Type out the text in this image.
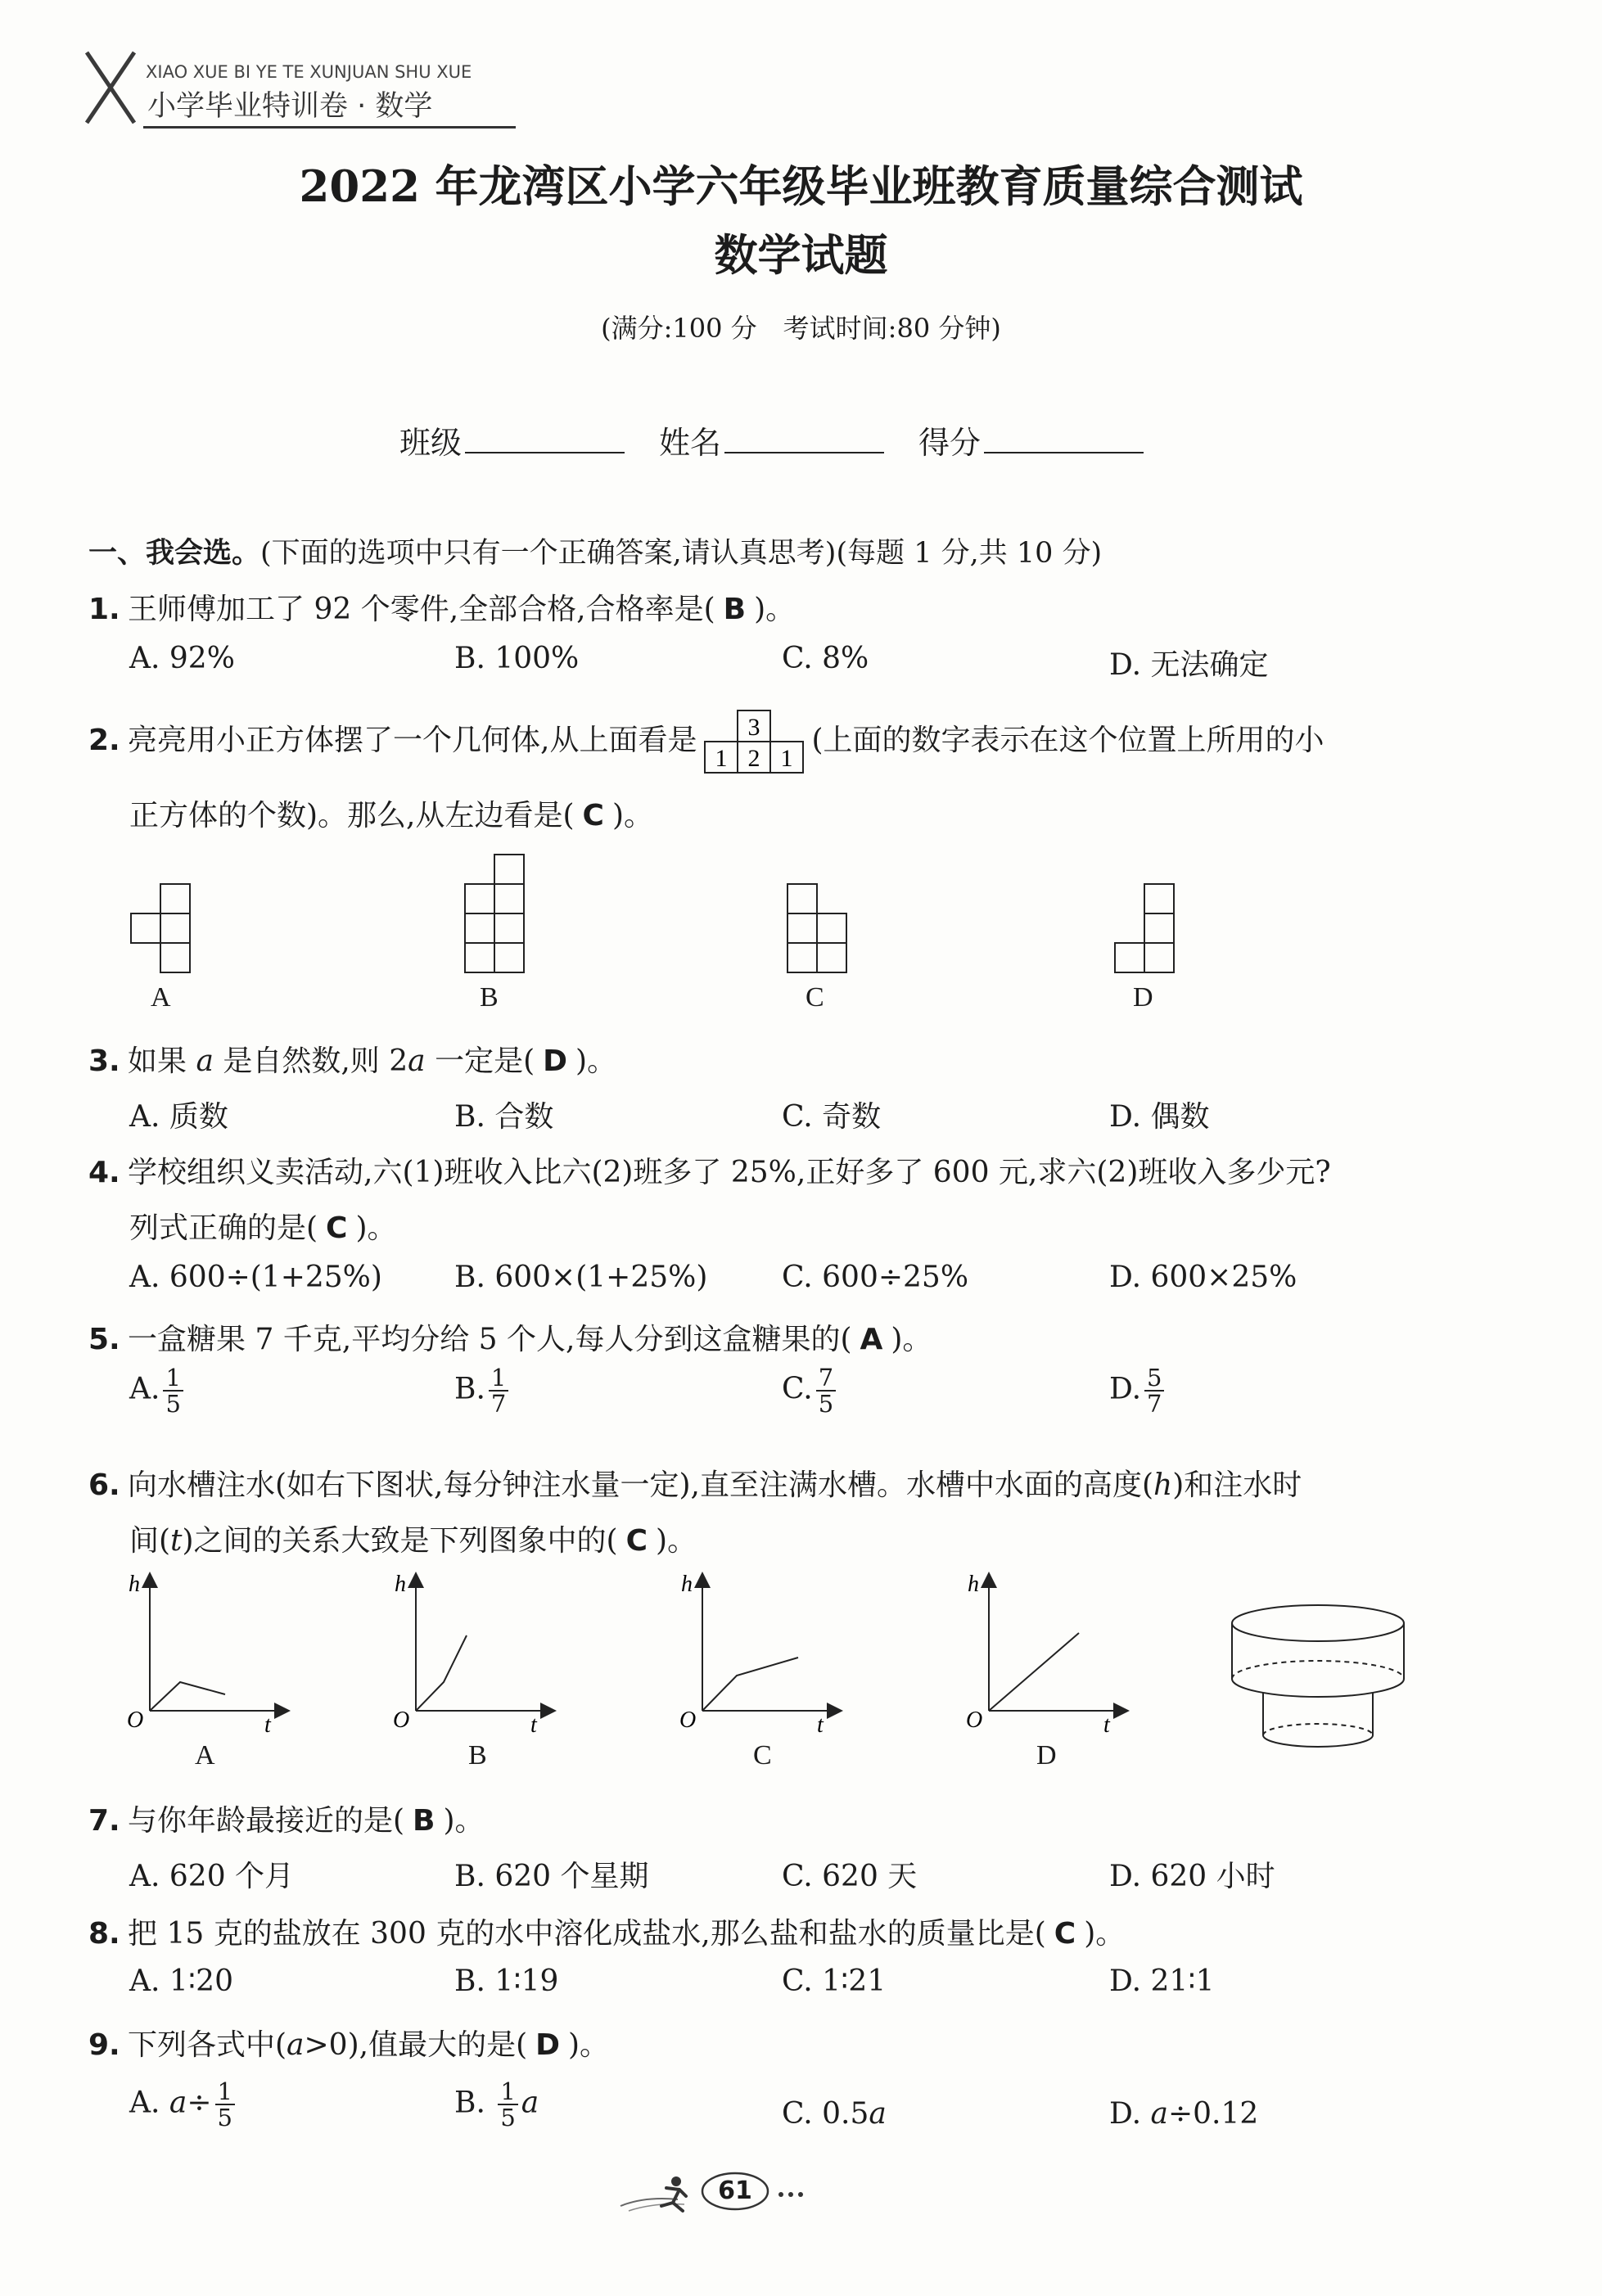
XIAO XUE BI YE TE XUNJUAN SHU XUE
小学毕业特训卷 · 数学
2022 年龙湾区小学六年级毕业班教育质量综合测试
数学试题
(满分:100 分　考试时间:80 分钟)
班级	姓名	得分
一、我会选。(下面的选项中只有一个正确答案,请认真思考)(每题 1 分,共 10 分)
1. 王师傅加工了 92 个零件,全部合格,合格率是( B )。
A. 92%	B. 100%	C. 8%	D. 无法确定
2. 亮亮用小正方体摆了一个几何体,从上面看是 3
1 2 1
(上面的数字表示在这个位置上所用的小
正方体的个数)。那么,从左边看是( C )。
A	B	C	D
3. 如果 a 是自然数,则 2a 一定是( D )。
A. 质数	B. 合数	C. 奇数	D. 偶数
4. 学校组织义卖活动,六(1)班收入比六(2)班多了 25%,正好多了 600 元,求六(2)班收入多少元?
列式正确的是( C )。
A. 600÷(1+25%) B. 600×(1+25%)	C. 600÷25%	D. 600×25%
5. 一盒糖果 7 千克,平均分给 5 个人,每人分到这盒糖果的( A )。
A. $\frac{1}{5}$	B. $\frac{1}{7}$	C. $\frac{7}{5}$	D. $\frac{5}{7}$
6. 向水槽注水(如右下图状,每分钟注水量一定),直至注满水槽。水槽中水面的高度(h)和注水时
间(t)之间的关系大致是下列图象中的( C )。
h
O	t
A
h
O	t
B
h
O	t
C
h
O	t
D
7. 与你年龄最接近的是( B )。
A. 620 个月	B. 620 个星期	C. 620 天	D. 620 小时
8. 把 15 克的盐放在 300 克的水中溶化成盐水,那么盐和盐水的质量比是( C )。
A. 1∶20	B. 1∶19	C. 1∶21	D. 21∶1
9. 下列各式中(a>0),值最大的是( D )。
A. $a\div \frac{1}{5}$	B. $\frac{1}{5}$ a	C. 0.5a	D. a÷0.12
61
